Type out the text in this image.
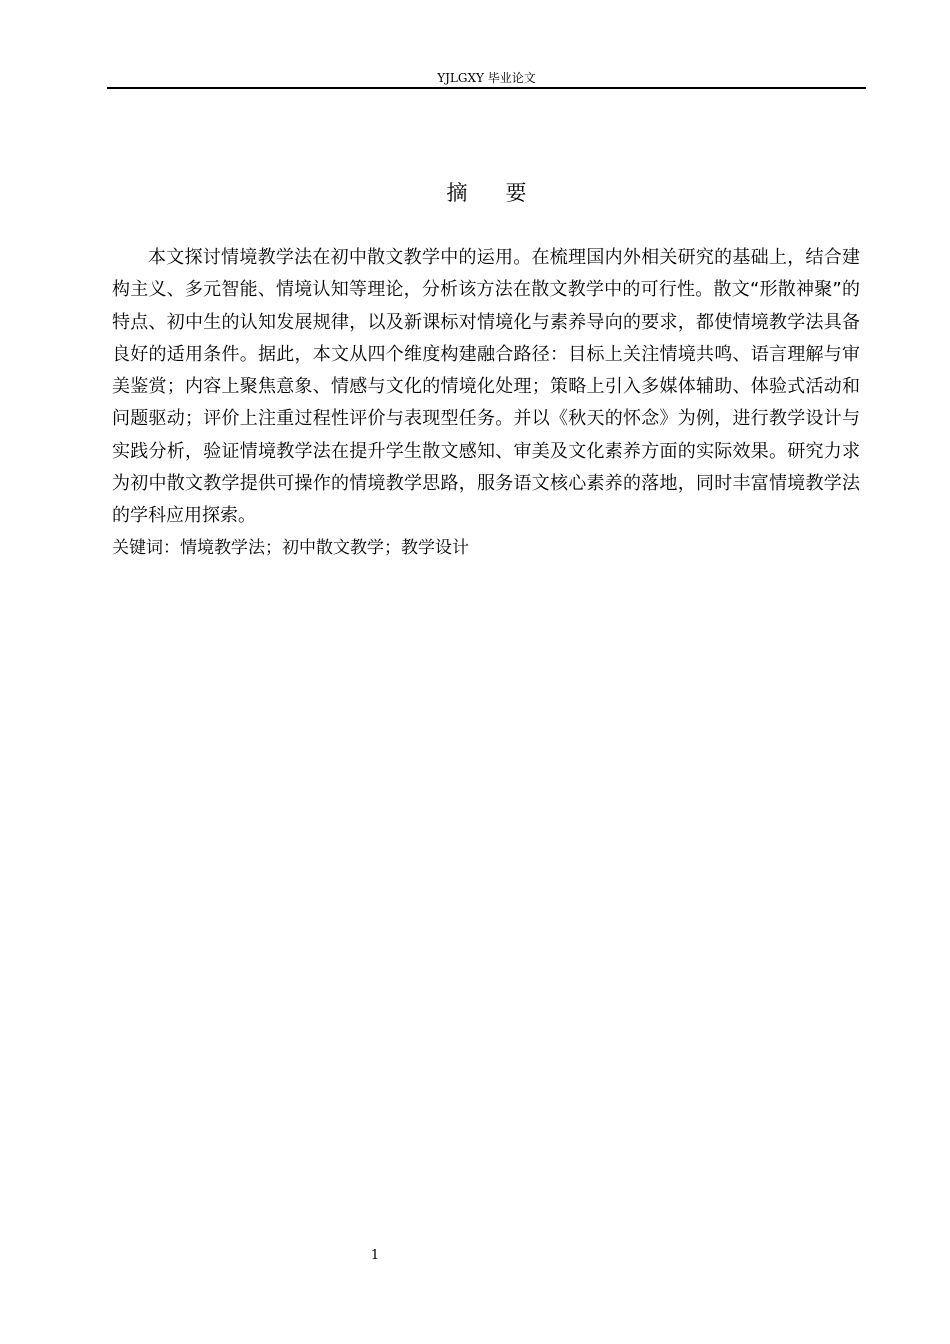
YJLGXY 毕业论文
摘要

本文探讨情境教学法在初中散文教学中的运用。在梳理国内外相关研究的基础上，结合建构主义、多元智能、情境认知等理论，分析该方法在散文教学中的可行性。散文“形散神聚”的特点、初中生的认知发展规律，以及新课标对情境化与素养导向的要求，都使情境教学法具备良好的适用条件。据此，本文从四个维度构建融合路径：目标上关注情境共鸣、语言理解与审美鉴赏；内容上聚焦意象、情感与文化的情境化处理；策略上引入多媒体辅助、体验式活动和问题驱动；评价上注重过程性评价与表现型任务。并以《秋天的怀念》为例，进行教学设计与实践分析，验证情境教学法在提升学生散文感知、审美及文化素养方面的实际效果。研究力求为初中散文教学提供可操作的情境教学思路，服务语文核心素养的落地，同时丰富情境教学法的学科应用探索。

关键词：情境教学法；初中散文教学；教学设计
1
